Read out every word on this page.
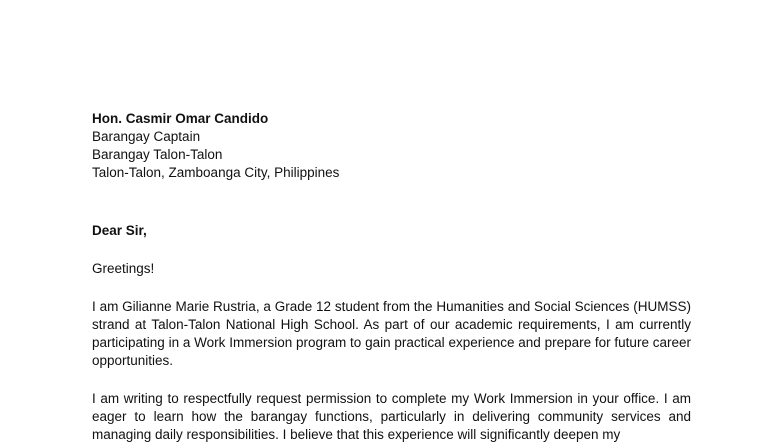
Hon. Casmir Omar Candido
Barangay Captain
Barangay Talon-Talon
Talon-Talon, Zamboanga City, Philippines
Dear Sir,
Greetings!
I am Gilianne Marie Rustria, a Grade 12 student from the Humanities and Social Sciences (HUMSS) strand at Talon-Talon National High School. As part of our academic requirements, I am currently participating in a Work Immersion program to gain practical experience and prepare for future career opportunities.
I am writing to respectfully request permission to complete my Work Immersion in your office. I am eager to learn how the barangay functions, particularly in delivering community services and managing daily responsibilities. I believe that this experience will significantly deepen my
